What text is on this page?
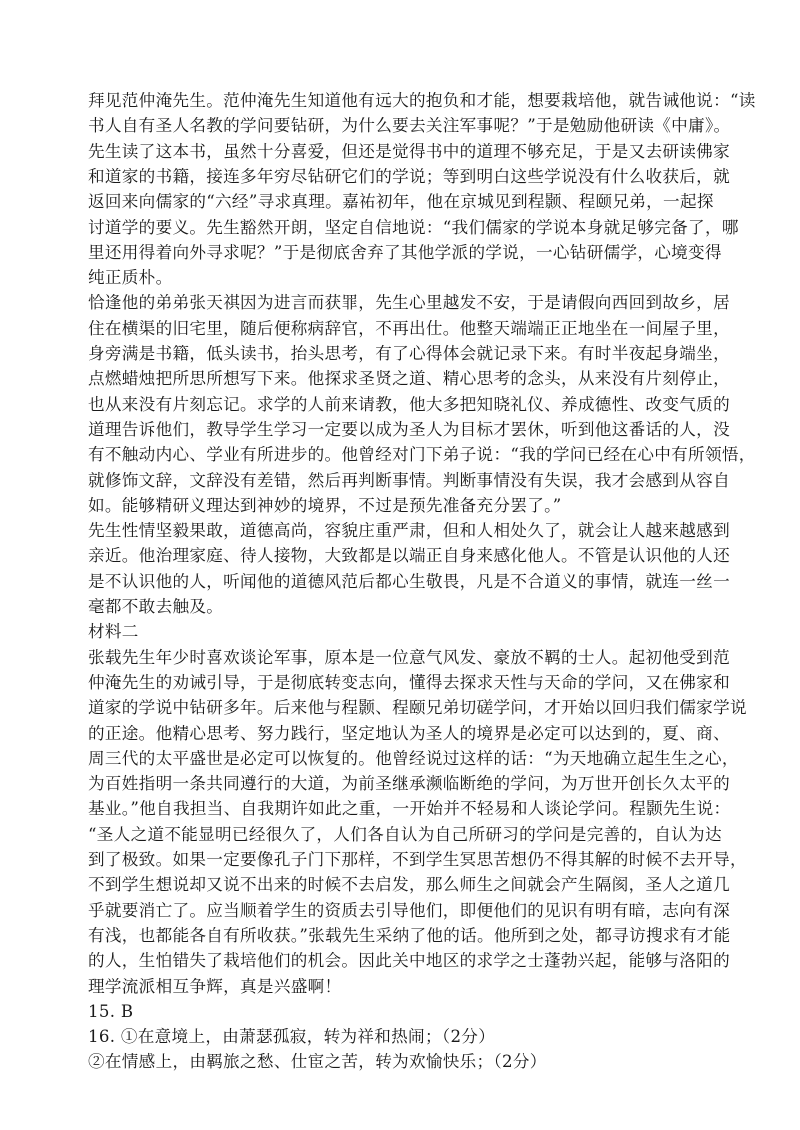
拜见范仲淹先生。范仲淹先生知道他有远大的抱负和才能，想要栽培他，就告诫他说：“读
书人自有圣人名教的学问要钻研，为什么要去关注军事呢？”于是勉励他研读《中庸》。
先生读了这本书，虽然十分喜爱，但还是觉得书中的道理不够充足，于是又去研读佛家
和道家的书籍，接连多年穷尽钻研它们的学说；等到明白这些学说没有什么收获后，就
返回来向儒家的“六经”寻求真理。嘉祐初年，他在京城见到程颢、程颐兄弟，一起探
讨道学的要义。先生豁然开朗，坚定自信地说：“我们儒家的学说本身就足够完备了，哪
里还用得着向外寻求呢？”于是彻底舍弃了其他学派的学说，一心钻研儒学，心境变得
纯正质朴。
恰逢他的弟弟张天祺因为进言而获罪，先生心里越发不安，于是请假向西回到故乡，居
住在横渠的旧宅里，随后便称病辞官，不再出仕。他整天端端正正地坐在一间屋子里，
身旁满是书籍，低头读书，抬头思考，有了心得体会就记录下来。有时半夜起身端坐，
点燃蜡烛把所思所想写下来。他探求圣贤之道、精心思考的念头，从来没有片刻停止，
也从来没有片刻忘记。求学的人前来请教，他大多把知晓礼仪、养成德性、改变气质的
道理告诉他们，教导学生学习一定要以成为圣人为目标才罢休，听到他这番话的人，没
有不触动内心、学业有所进步的。他曾经对门下弟子说：“我的学问已经在心中有所领悟，
就修饰文辞，文辞没有差错，然后再判断事情。判断事情没有失误，我才会感到从容自
如。能够精研义理达到神妙的境界，不过是预先准备充分罢了。”
先生性情坚毅果敢，道德高尚，容貌庄重严肃，但和人相处久了，就会让人越来越感到
亲近。他治理家庭、待人接物，大致都是以端正自身来感化他人。不管是认识他的人还
是不认识他的人，听闻他的道德风范后都心生敬畏，凡是不合道义的事情，就连一丝一
毫都不敢去触及。
材料二
张载先生年少时喜欢谈论军事，原本是一位意气风发、豪放不羁的士人。起初他受到范
仲淹先生的劝诫引导，于是彻底转变志向，懂得去探求天性与天命的学问，又在佛家和
道家的学说中钻研多年。后来他与程颢、程颐兄弟切磋学问，才开始以回归我们儒家学说
的正途。他精心思考、努力践行，坚定地认为圣人的境界是必定可以达到的，夏、商、
周三代的太平盛世是必定可以恢复的。他曾经说过这样的话：“为天地确立起生生之心，
为百姓指明一条共同遵行的大道，为前圣继承濒临断绝的学问，为万世开创长久太平的
基业。”他自我担当、自我期许如此之重，一开始并不轻易和人谈论学问。程颢先生说：
“圣人之道不能显明已经很久了，人们各自认为自己所研习的学问是完善的，自认为达
到了极致。如果一定要像孔子门下那样，不到学生冥思苦想仍不得其解的时候不去开导，
不到学生想说却又说不出来的时候不去启发，那么师生之间就会产生隔阂，圣人之道几
乎就要消亡了。应当顺着学生的资质去引导他们，即便他们的见识有明有暗，志向有深
有浅，也都能各自有所收获。”张载先生采纳了他的话。他所到之处，都寻访搜求有才能
的人，生怕错失了栽培他们的机会。因此关中地区的求学之士蓬勃兴起，能够与洛阳的
理学流派相互争辉，真是兴盛啊！
15. B
16. ①在意境上，由萧瑟孤寂，转为祥和热闹；（2分）
②在情感上，由羁旅之愁、仕宦之苦，转为欢愉快乐；（2分）
